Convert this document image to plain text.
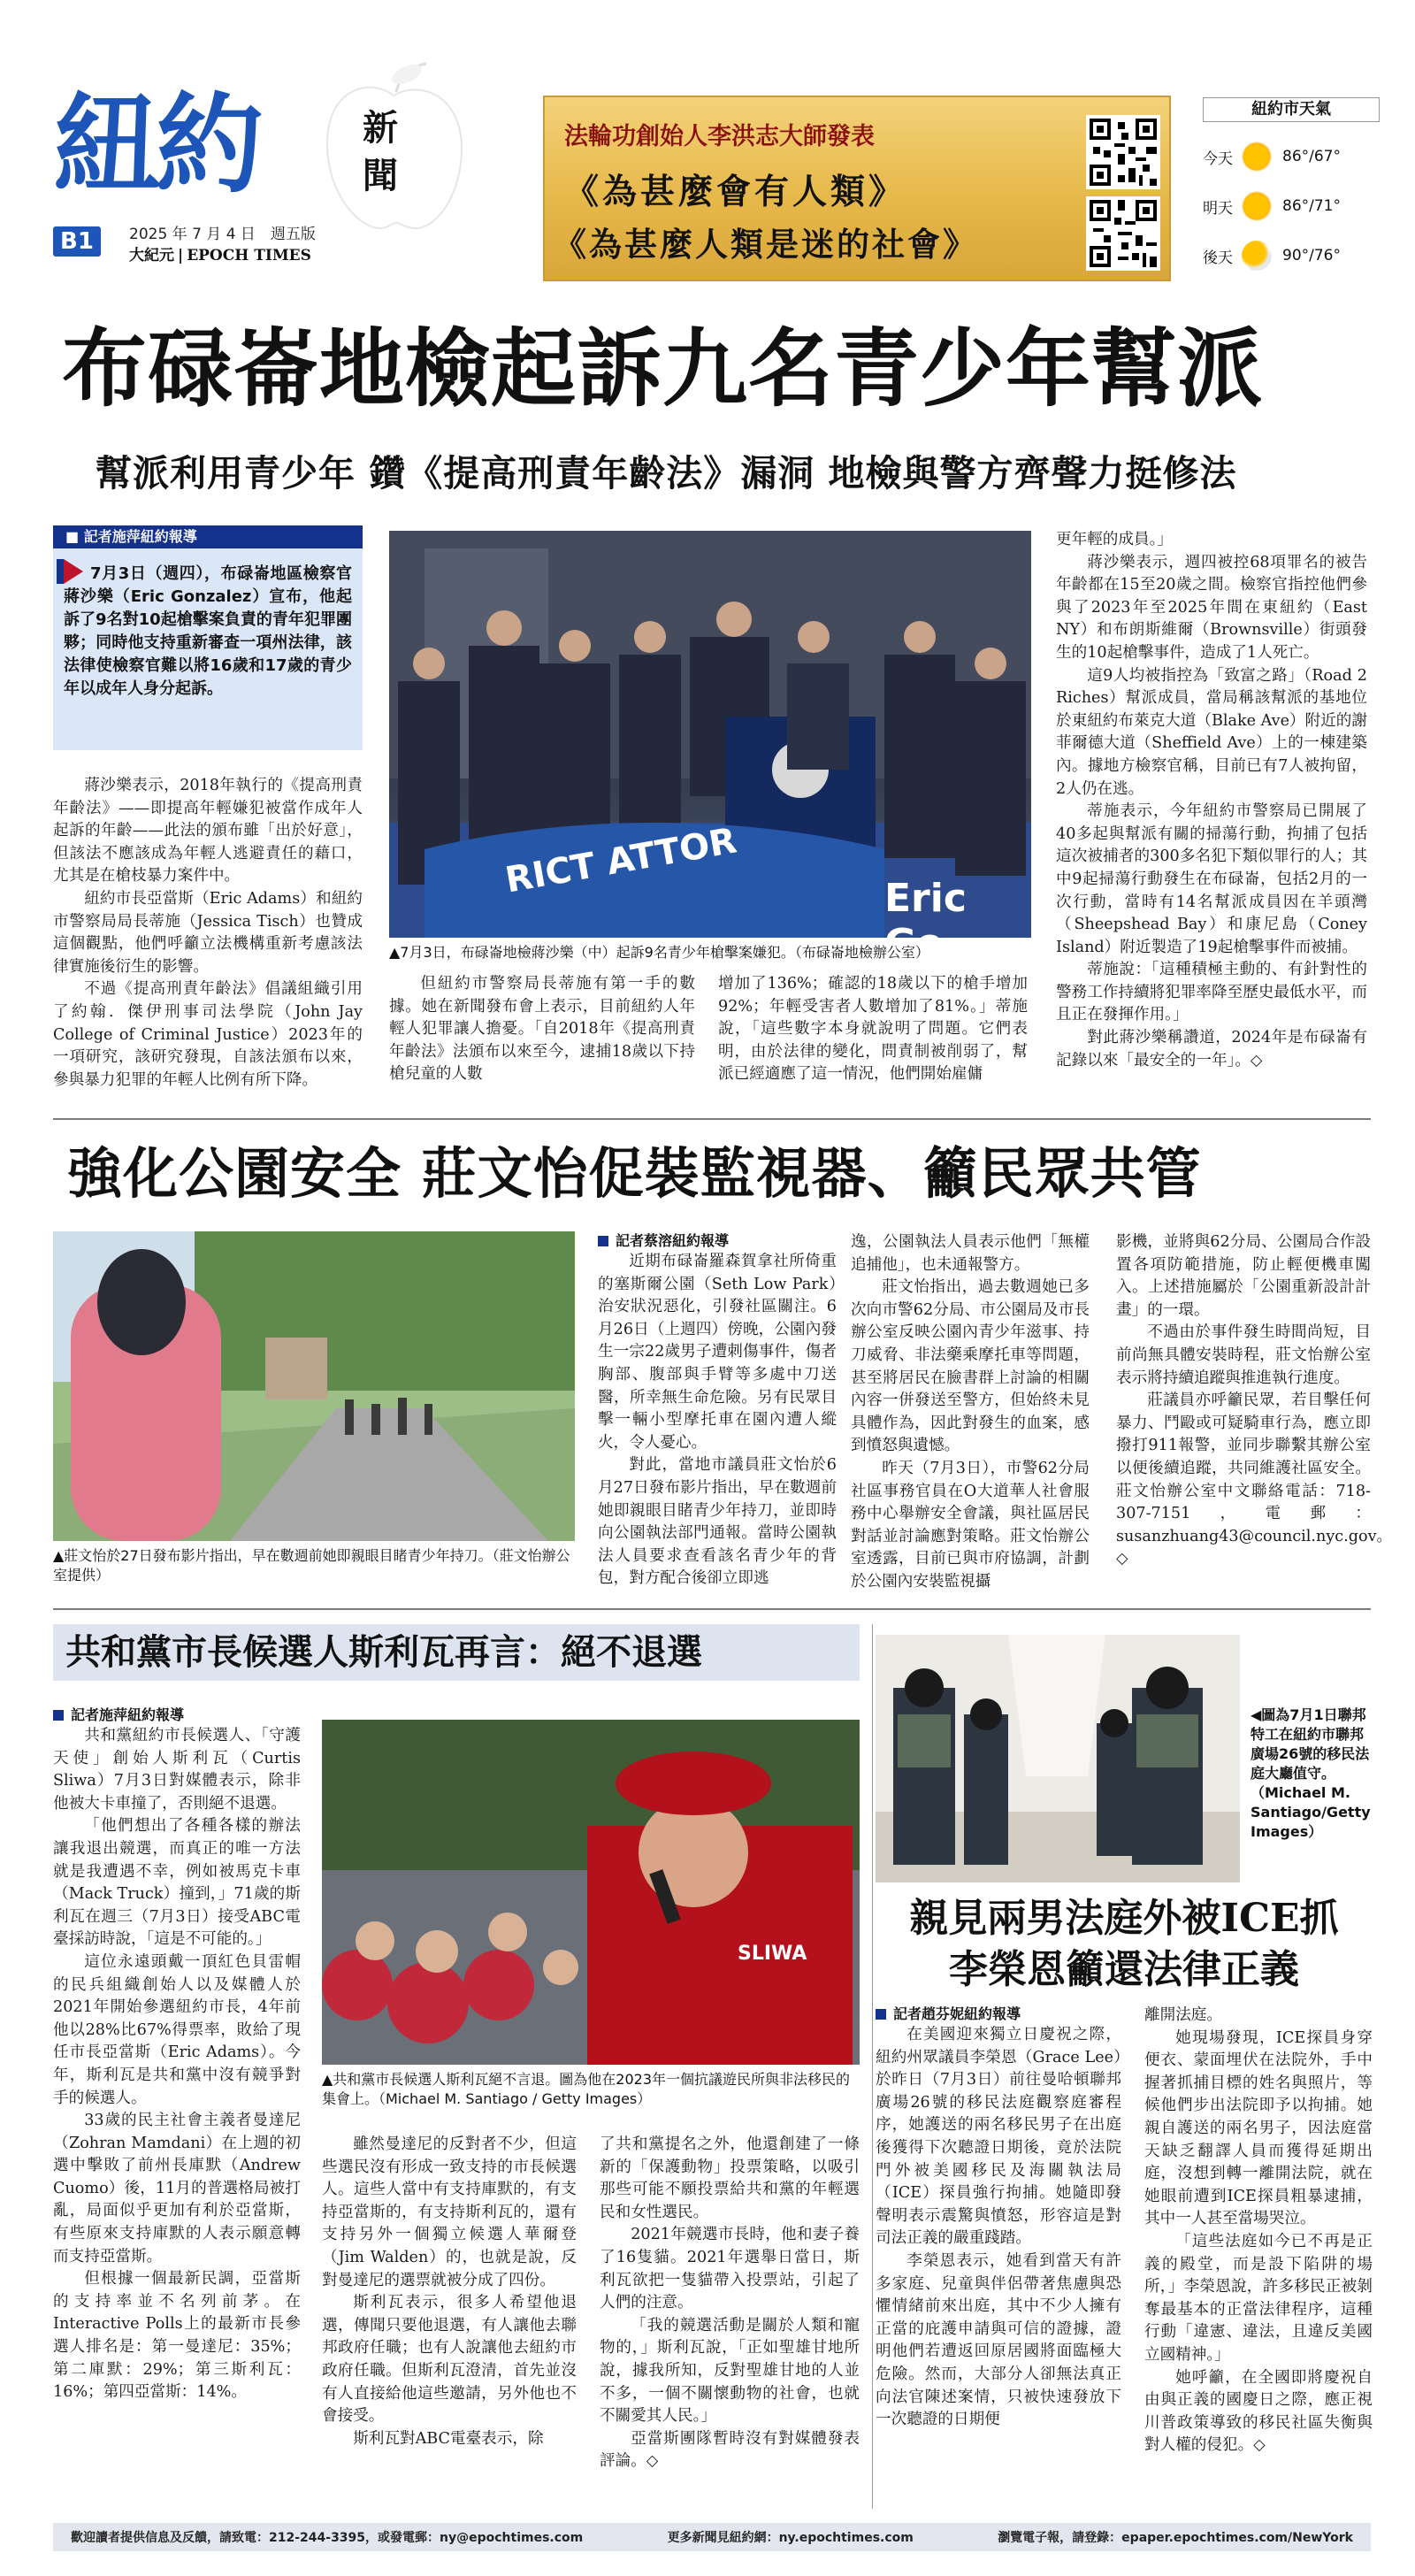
紐約	新
聞
B1	2025 年 7 月 4 日　週五版
大紀元 | EPOCH TIMES
法輪功創始人李洪志大師發表
《為甚麼會有人類》
《為甚麼人類是迷的社會》
紐約市天氣
今天	86°/67°
明天	86°/71°
後天	90°/76°
布碌崙地檢起訴九名青少年幫派
幫派利用青少年 鑽《提高刑責年齡法》漏洞 地檢與警方齊聲力挺修法
■ 記者施萍紐約報導
7月3日（週四），布碌崙地區檢察官蔣沙樂（Eric Gonzalez）宣布，他起訴了9名對10起槍擊案負責的青年犯罪團夥；同時他支持重新審查一項州法律，該法律使檢察官難以將16歲和17歲的青少年以成年人身分起訴。

蔣沙樂表示，2018年執行的《提高刑責年齡法》——即提高年輕嫌犯被當作成年人起訴的年齡——此法的頒布雖「出於好意」，但該法不應該成為年輕人逃避責任的藉口，尤其是在槍枝暴力案件中。

紐約市長亞當斯（Eric Adams）和紐約市警察局局長蒂施（Jessica Tisch）也贊成這個觀點，他們呼籲立法機構重新考慮該法律實施後衍生的影響。

不過《提高刑責年齡法》倡議組織引用了約翰．傑伊刑事司法學院（John Jay College of Criminal Justice）2023年的一項研究，該研究發現，自該法頒布以來，參與暴力犯罪的年輕人比例有所下降。

RICT ATTOR	Eric Go
▲7月3日，布碌崙地檢蔣沙樂（中）起訴9名青少年槍擊案嫌犯。（布碌崙地檢辦公室）

但紐約市警察局長蒂施有第一手的數據。她在新聞發布會上表示，目前紐約人年輕人犯罪讓人擔憂。「自2018年《提高刑責年齡法》法頒布以來至今，逮捕18歲以下持槍兒童的人數

增加了136%；確認的18歲以下的槍手增加92%；年輕受害者人數增加了81%。」蒂施說，「這些數字本身就說明了問題。它們表明，由於法律的變化，問責制被削弱了，幫派已經適應了這一情況，他們開始雇傭

更年輕的成員。」

蔣沙樂表示，週四被控68項罪名的被告年齡都在15至20歲之間。檢察官指控他們參與了2023年至2025年間在東紐約（East NY）和布朗斯維爾（Brownsville）街頭發生的10起槍擊事件，造成了1人死亡。

這9人均被指控為「致富之路」（Road 2 Riches）幫派成員，當局稱該幫派的基地位於東紐約布萊克大道（Blake Ave）附近的謝菲爾德大道（Sheffield Ave）上的一棟建築內。據地方檢察官稱，目前已有7人被拘留，2人仍在逃。

蒂施表示，今年紐約市警察局已開展了40多起與幫派有關的掃蕩行動，拘捕了包括這次被捕者的300多名犯下類似罪行的人；其中9起掃蕩行動發生在布碌崙，包括2月的一次行動，當時有14名幫派成員因在羊頭灣（Sheepshead Bay）和康尼島（Coney Island）附近製造了19起槍擊事件而被捕。

蒂施說：「這種積極主動的、有針對性的警務工作持續將犯罪率降至歷史最低水平，而且正在發揮作用。」

對此蔣沙樂稱讚道，2024年是布碌崙有記錄以來「最安全的一年」。◇

強化公園安全 莊文怡促裝監視器、籲民眾共管
▲莊文怡於27日發布影片指出，早在數週前她即親眼目睹青少年持刀。（莊文怡辦公室提供）
記者蔡溶紐約報導

近期布碌崙羅森賀拿社所倚重的塞斯爾公園（Seth Low Park）治安狀況惡化，引發社區關注。6月26日（上週四）傍晚，公園內發生一宗22歲男子遭刺傷事件，傷者胸部、腹部與手臂等多處中刀送醫，所幸無生命危險。另有民眾目擊一輛小型摩托車在園內遭人縱火，令人憂心。

對此，當地市議員莊文怡於6月27日發布影片指出，早在數週前她即親眼目睹青少年持刀，並即時向公園執法部門通報。當時公園執法人員要求查看該名青少年的背包，對方配合後卻立即逃

逸，公園執法人員表示他們「無權追捕他」，也未通報警方。

莊文怡指出，過去數週她已多次向市警62分局、市公園局及市長辦公室反映公園內青少年滋事、持刀威脅、非法藥乘摩托車等問題，甚至將居民在臉書群上討論的相關內容一併發送至警方，但始終未見具體作為，因此對發生的血案，感到憤怒與遺憾。

昨天（7月3日），市警62分局社區事務官員在O大道華人社會服務中心舉辦安全會議，與社區居民對話並討論應對策略。莊文怡辦公室透露，目前已與市府協調，計劃於公園內安裝監視攝

影機，並將與62分局、公園局合作設置各項防範措施，防止輕便機車闖入。上述措施屬於「公園重新設計計畫」的一環。

不過由於事件發生時間尚短，目前尚無具體安裝時程，莊文怡辦公室表示將持續追蹤與推進執行進度。

莊議員亦呼籲民眾，若目擊任何暴力、鬥毆或可疑騎車行為，應立即撥打911報警，並同步聯繫其辦公室以便後續追蹤，共同維護社區安全。莊文怡辦公室中文聯絡電話：718-307-7151，電郵：susanzhuang43@council.nyc.gov。◇

共和黨市長候選人斯利瓦再言：絕不退選
記者施萍紐約報導

共和黨紐約市長候選人、「守護天使」創始人斯利瓦（Curtis Sliwa）7月3日對媒體表示，除非他被大卡車撞了，否則絕不退選。

「他們想出了各種各樣的辦法讓我退出競選，而真正的唯一方法就是我遭遇不幸，例如被馬克卡車（Mack Truck）撞到，」71歲的斯利瓦在週三（7月3日）接受ABC電臺採訪時說，「這是不可能的。」

這位永遠頭戴一頂紅色貝雷帽的民兵組織創始人以及媒體人於2021年開始參選紐約市長，4年前他以28%比67%得票率，敗給了現任市長亞當斯（Eric Adams）。今年，斯利瓦是共和黨中沒有競爭對手的候選人。

33歲的民主社會主義者曼達尼（Zohran Mamdani）在上週的初選中擊敗了前州長庫默（Andrew Cuomo）後，11月的普選格局被打亂，局面似乎更加有利於亞當斯，有些原來支持庫默的人表示願意轉而支持亞當斯。

但根據一個最新民調，亞當斯的支持率並不名列前茅。在Interactive Polls上的最新市長參選人排名是：第一曼達尼：35%；第二庫默：29%；第三斯利瓦：16%；第四亞當斯：14%。

SLIWA
▲共和黨市長候選人斯利瓦絕不言退。圖為他在2023年一個抗議遊民所與非法移民的集會上。（Michael M. Santiago / Getty Images）

雖然曼達尼的反對者不少，但這些選民沒有形成一致支持的市長候選人。這些人當中有支持庫默的，有支持亞當斯的，有支持斯利瓦的，還有支持另外一個獨立候選人華爾登（Jim Walden）的，也就是說，反對曼達尼的選票就被分成了四份。

斯利瓦表示，很多人希望他退選，傳聞只要他退選，有人讓他去聯邦政府任職；也有人說讓他去紐約市政府任職。但斯利瓦澄清，首先並沒有人直接給他這些邀請，另外他也不會接受。

斯利瓦對ABC電臺表示，除

了共和黨提名之外，他還創建了一條新的「保護動物」投票策略，以吸引那些可能不願投票給共和黨的年輕選民和女性選民。

2021年競選市長時，他和妻子養了16隻貓。2021年選舉日當日，斯利瓦欲把一隻貓帶入投票站，引起了人們的注意。

「我的競選活動是關於人類和寵物的，」斯利瓦說，「正如聖雄甘地所說，據我所知，反對聖雄甘地的人並不多，一個不關懷動物的社會，也就不關愛其人民。」

亞當斯團隊暫時沒有對媒體發表評論。◇

◀圖為7月1日聯邦特工在紐約市聯邦廣場26號的移民法庭大廳值守。（Michael M. Santiago/Getty Images）
親見兩男法庭外被ICE抓
李榮恩籲還法律正義
記者趙芬妮紐約報導

在美國迎來獨立日慶祝之際，紐約州眾議員李榮恩（Grace Lee）於昨日（7月3日）前往曼哈頓聯邦廣場26號的移民法庭觀察庭審程序，她護送的兩名移民男子在出庭後獲得下次聽證日期後，竟於法院門外被美國移民及海關執法局（ICE）探員強行拘捕。她隨即發聲明表示震驚與憤怒，形容這是對司法正義的嚴重踐踏。

李榮恩表示，她看到當天有許多家庭、兒童與伴侶帶著焦慮與恐懼情緒前來出庭，其中不少人擁有正當的庇護申請與可信的證據，證明他們若遭返回原居國將面臨極大危險。然而，大部分人卻無法真正向法官陳述案情，只被快速發放下一次聽證的日期便

離開法庭。

她現場發現，ICE探員身穿便衣、蒙面埋伏在法院外，手中握著抓捕目標的姓名與照片，等候他們步出法院即予以拘捕。她親自護送的兩名男子，因法庭當天缺乏翻譯人員而獲得延期出庭，沒想到轉一離開法院，就在她眼前遭到ICE探員粗暴逮捕，其中一人甚至當場哭泣。

「這些法庭如今已不再是正義的殿堂，而是設下陷阱的場所，」李榮恩說，許多移民正被剝奪最基本的正當法律程序，這種行動「違憲、違法，且違反美國立國精神。」

她呼籲，在全國即將慶祝自由與正義的國慶日之際，應正視川普政策導致的移民社區失衡與對人權的侵犯。◇

歡迎讀者提供信息及反饋，請致電：212-244-3395，或發電郵：ny@epochtimes.com	更多新聞見紐約網：ny.epochtimes.com	瀏覽電子報，請登錄：epaper.epochtimes.com/NewYork
